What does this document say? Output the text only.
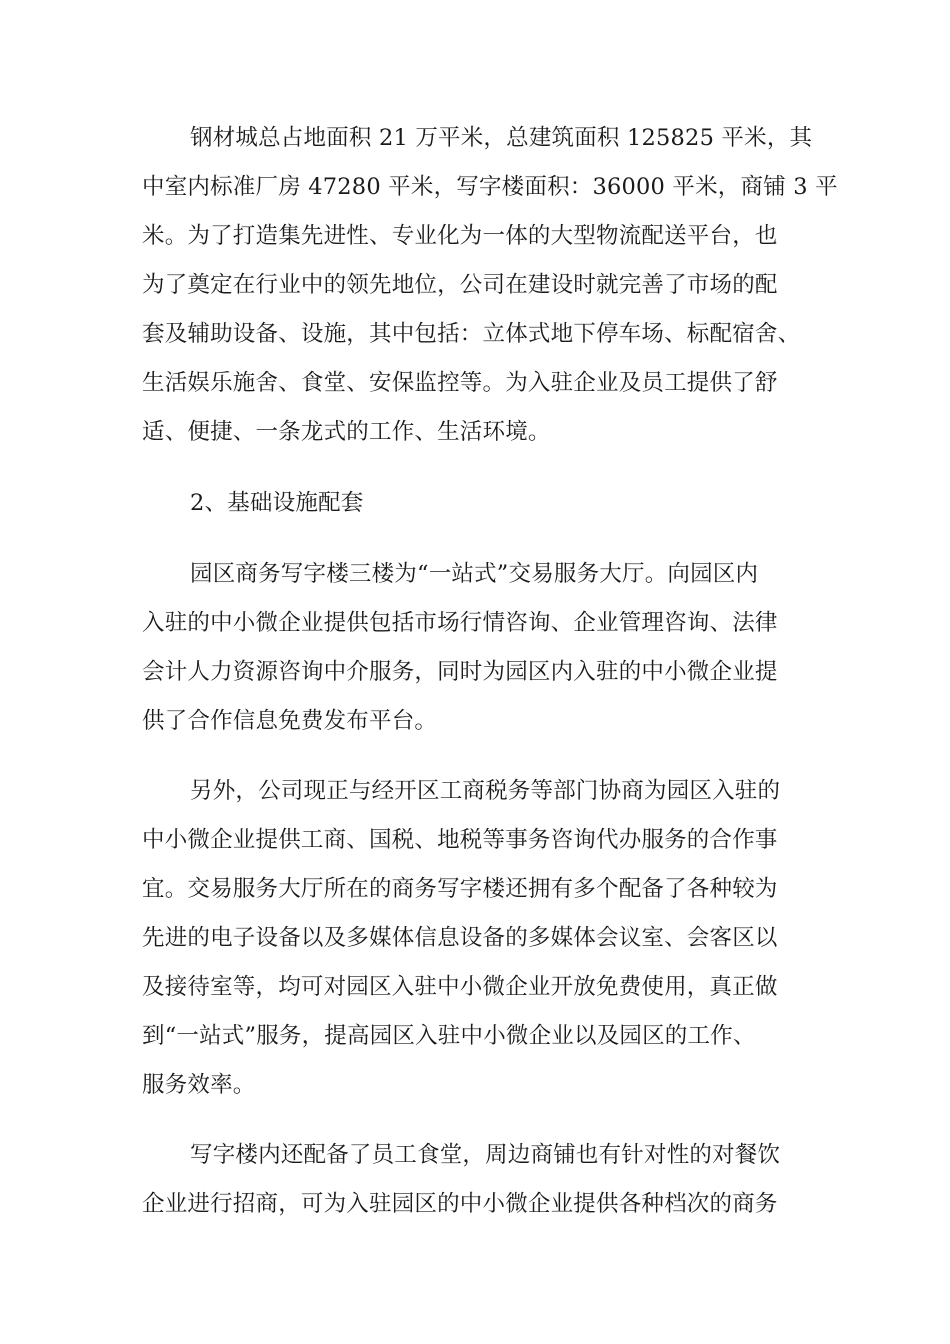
钢材城总占地面积 21 万平米，总建筑面积 125825 平米，其
中室内标准厂房 47280 平米，写字楼面积：36000 平米，商铺 3 平
米。为了打造集先进性、专业化为一体的大型物流配送平台，也
为了奠定在行业中的领先地位，公司在建设时就完善了市场的配
套及辅助设备、设施，其中包括：立体式地下停车场、标配宿舍、
生活娱乐施舍、食堂、安保监控等。为入驻企业及员工提供了舒
适、便捷、一条龙式的工作、生活环境。
2、基础设施配套
园区商务写字楼三楼为“一站式”交易服务大厅。向园区内
入驻的中小微企业提供包括市场行情咨询、企业管理咨询、法律
会计人力资源咨询中介服务，同时为园区内入驻的中小微企业提
供了合作信息免费发布平台。
另外，公司现正与经开区工商税务等部门协商为园区入驻的
中小微企业提供工商、国税、地税等事务咨询代办服务的合作事
宜。交易服务大厅所在的商务写字楼还拥有多个配备了各种较为
先进的电子设备以及多媒体信息设备的多媒体会议室、会客区以
及接待室等，均可对园区入驻中小微企业开放免费使用，真正做
到“一站式”服务，提高园区入驻中小微企业以及园区的工作、
服务效率。
写字楼内还配备了员工食堂，周边商铺也有针对性的对餐饮
企业进行招商，可为入驻园区的中小微企业提供各种档次的商务
